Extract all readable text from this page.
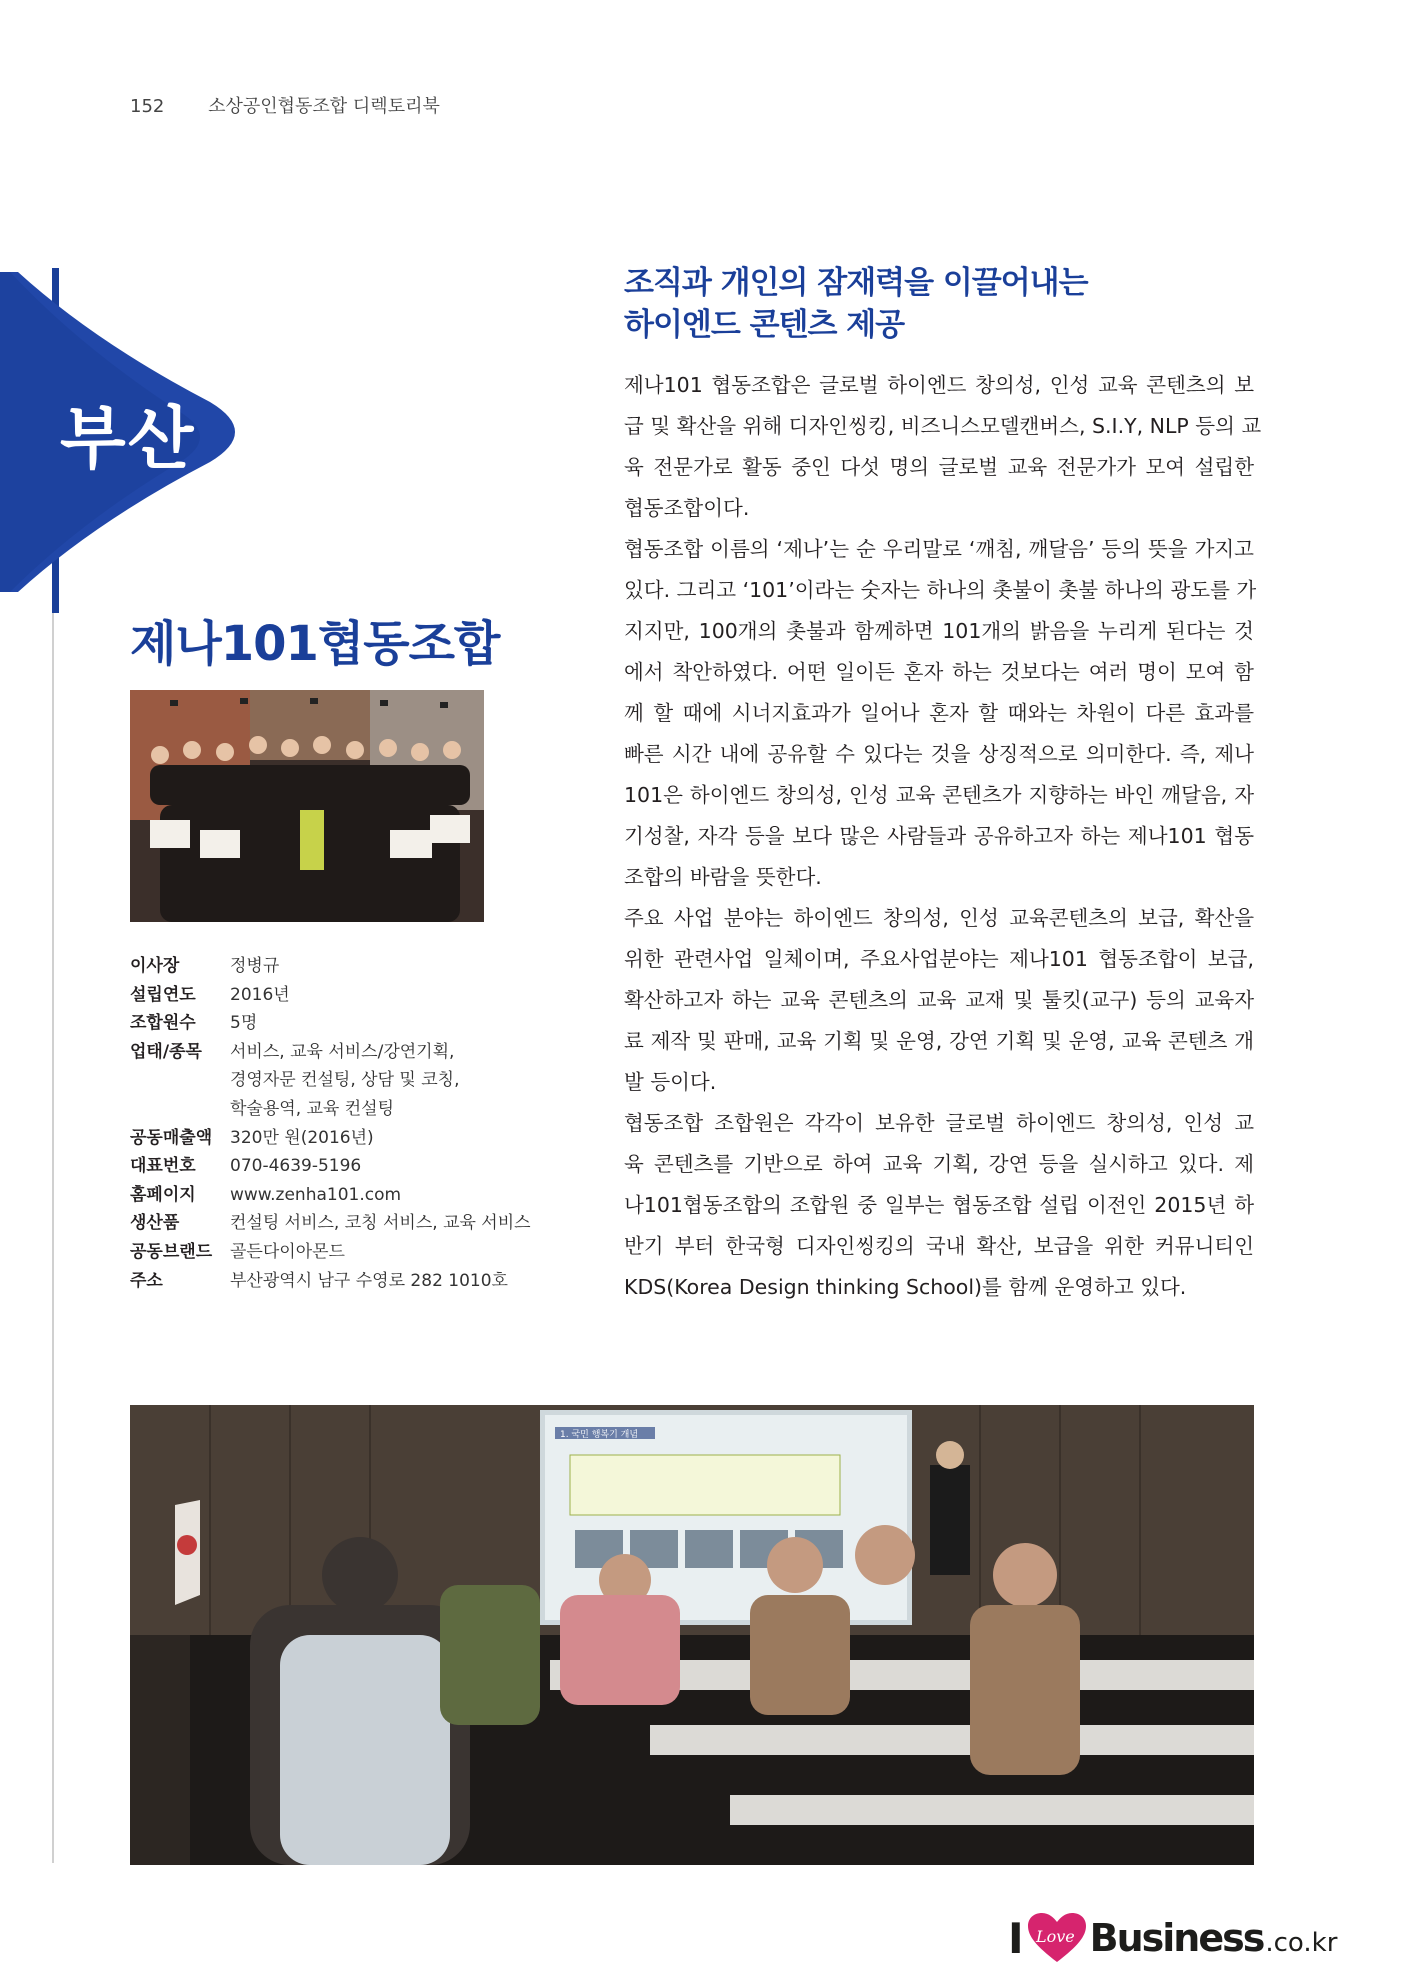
152 소상공인협동조합 디렉토리북
부산
제나101협동조합
이사장	정병규
설립연도	2016년
조합원수	5명
업태/종목	서비스, 교육 서비스/강연기획,
경영자문 컨설팅, 상담 및 코칭,
학술용역, 교육 컨설팅
공동매출액	320만 원(2016년)
대표번호	070-4639-5196
홈페이지	www.zenha101.com
생산품	컨설팅 서비스, 코칭 서비스, 교육 서비스
공동브랜드	골든다이아몬드
주소	부산광역시 남구 수영로 282 1010호
조직과 개인의 잠재력을 이끌어내는
하이엔드 콘텐츠 제공
제나101 협동조합은 글로벌 하이엔드 창의성, 인성 교육 콘텐츠의 보
급 및 확산을 위해 디자인씽킹, 비즈니스모델캔버스, S.I.Y, NLP 등의 교
육 전문가로 활동 중인 다섯 명의 글로벌 교육 전문가가 모여 설립한
협동조합이다.
협동조합 이름의 ‘제나’는 순 우리말로 ‘깨침, 깨달음’ 등의 뜻을 가지고
있다. 그리고 ‘101’이라는 숫자는 하나의 촛불이 촛불 하나의 광도를 가
지지만, 100개의 촛불과 함께하면 101개의 밝음을 누리게 된다는 것
에서 착안하였다. 어떤 일이든 혼자 하는 것보다는 여러 명이 모여 함
께 할 때에 시너지효과가 일어나 혼자 할 때와는 차원이 다른 효과를
빠른 시간 내에 공유할 수 있다는 것을 상징적으로 의미한다. 즉, 제나
101은 하이엔드 창의성, 인성 교육 콘텐츠가 지향하는 바인 깨달음, 자
기성찰, 자각 등을 보다 많은 사람들과 공유하고자 하는 제나101 협동
조합의 바람을 뜻한다.
주요 사업 분야는 하이엔드 창의성, 인성 교육콘텐츠의 보급, 확산을
위한 관련사업 일체이며, 주요사업분야는 제나101 협동조합이 보급,
확산하고자 하는 교육 콘텐츠의 교육 교재 및 툴킷(교구) 등의 교육자
료 제작 및 판매, 교육 기획 및 운영, 강연 기획 및 운영, 교육 콘텐츠 개
발 등이다.
협동조합 조합원은 각각이 보유한 글로벌 하이엔드 창의성, 인성 교
육 콘텐츠를 기반으로 하여 교육 기획, 강연 등을 실시하고 있다. 제
나101협동조합의 조합원 중 일부는 협동조합 설립 이전인 2015년 하
반기 부터 한국형 디자인씽킹의 국내 확산, 보급을 위한 커뮤니티인
KDS(Korea Design thinking School)를 함께 운영하고 있다.
1. 국민 행복기 개념
I Love Business .co.kr
